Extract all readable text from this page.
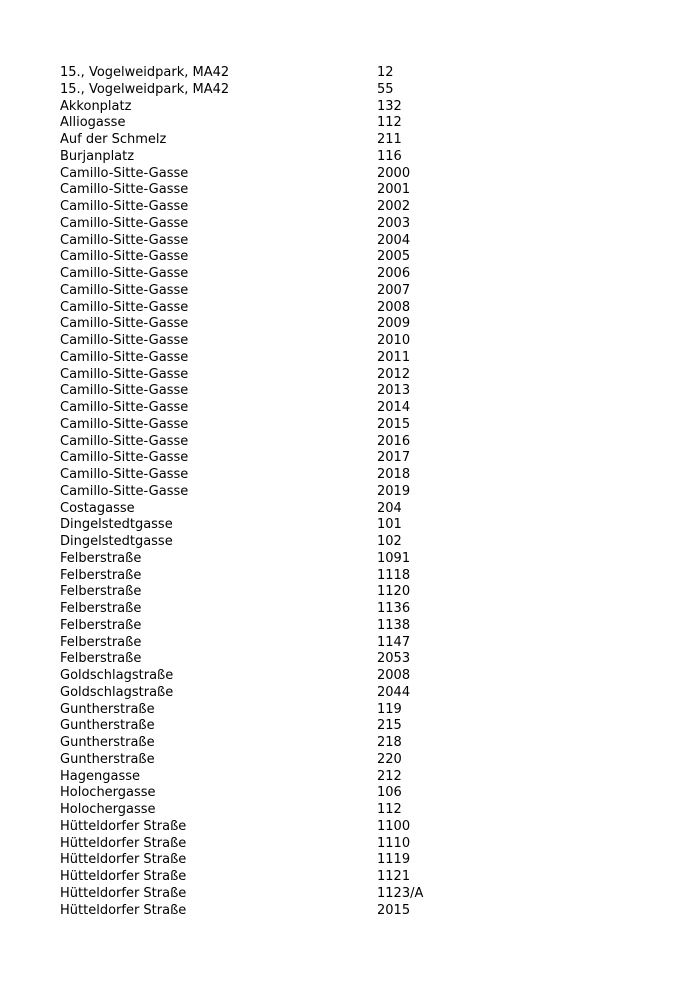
15., Vogelweidpark, MA42	12
15., Vogelweidpark, MA42	55
Akkonplatz	132
Alliogasse	112
Auf der Schmelz	211
Burjanplatz	116
Camillo-Sitte-Gasse	2000
Camillo-Sitte-Gasse	2001
Camillo-Sitte-Gasse	2002
Camillo-Sitte-Gasse	2003
Camillo-Sitte-Gasse	2004
Camillo-Sitte-Gasse	2005
Camillo-Sitte-Gasse	2006
Camillo-Sitte-Gasse	2007
Camillo-Sitte-Gasse	2008
Camillo-Sitte-Gasse	2009
Camillo-Sitte-Gasse	2010
Camillo-Sitte-Gasse	2011
Camillo-Sitte-Gasse	2012
Camillo-Sitte-Gasse	2013
Camillo-Sitte-Gasse	2014
Camillo-Sitte-Gasse	2015
Camillo-Sitte-Gasse	2016
Camillo-Sitte-Gasse	2017
Camillo-Sitte-Gasse	2018
Camillo-Sitte-Gasse	2019
Costagasse	204
Dingelstedtgasse	101
Dingelstedtgasse	102
Felberstraße	1091
Felberstraße	1118
Felberstraße	1120
Felberstraße	1136
Felberstraße	1138
Felberstraße	1147
Felberstraße	2053
Goldschlagstraße	2008
Goldschlagstraße	2044
Guntherstraße	119
Guntherstraße	215
Guntherstraße	218
Guntherstraße	220
Hagengasse	212
Holochergasse	106
Holochergasse	112
Hütteldorfer Straße	1100
Hütteldorfer Straße	1110
Hütteldorfer Straße	1119
Hütteldorfer Straße	1121
Hütteldorfer Straße	1123/A
Hütteldorfer Straße	2015
